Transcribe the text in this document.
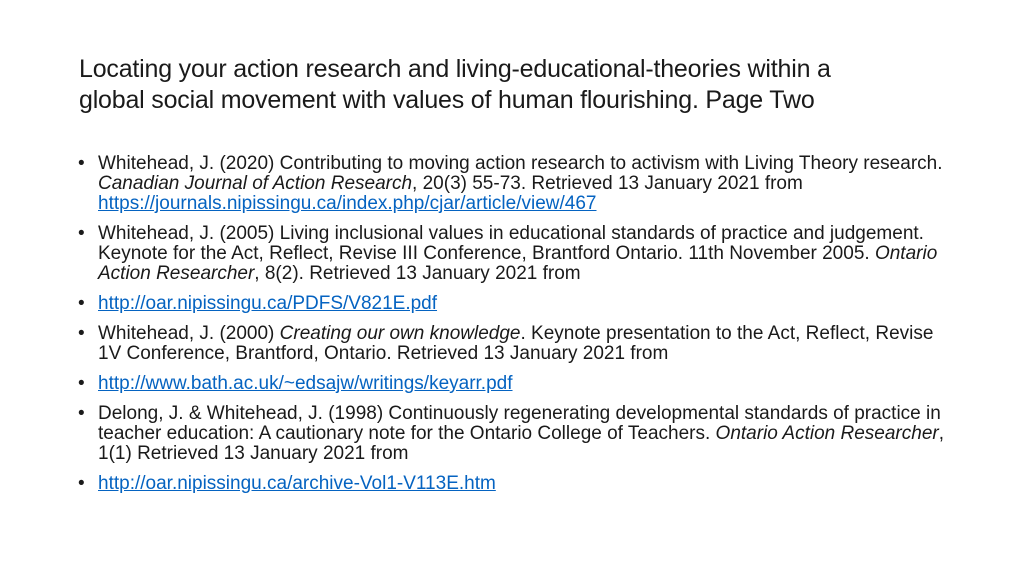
Locating your action research and living-educational-theories within a
global social movement with values of human flourishing. Page Two
• Whitehead, J. (2020) Contributing to moving action research to activism with Living Theory research. Canadian Journal of Action Research, 20(3) 55-73. Retrieved 13 January 2021 from https://journals.nipissingu.ca/index.php/cjar/article/view/467
• Whitehead, J. (2005) Living inclusional values in educational standards of practice and judgement. Keynote for the Act, Reflect, Revise III Conference, Brantford Ontario. 11th November 2005. Ontario Action Researcher, 8(2). Retrieved 13 January 2021 from
• http://oar.nipissingu.ca/PDFS/V821E.pdf
• Whitehead, J. (2000) Creating our own knowledge. Keynote presentation to the Act, Reflect, Revise 1V Conference, Brantford, Ontario. Retrieved 13 January 2021 from
• http://www.bath.ac.uk/~edsajw/writings/keyarr.pdf
• Delong, J. & Whitehead, J. (1998) Continuously regenerating developmental standards of practice in teacher education: A cautionary note for the Ontario College of Teachers. Ontario Action Researcher, 1(1) Retrieved 13 January 2021 from
• http://oar.nipissingu.ca/archive-Vol1-V113E.htm
